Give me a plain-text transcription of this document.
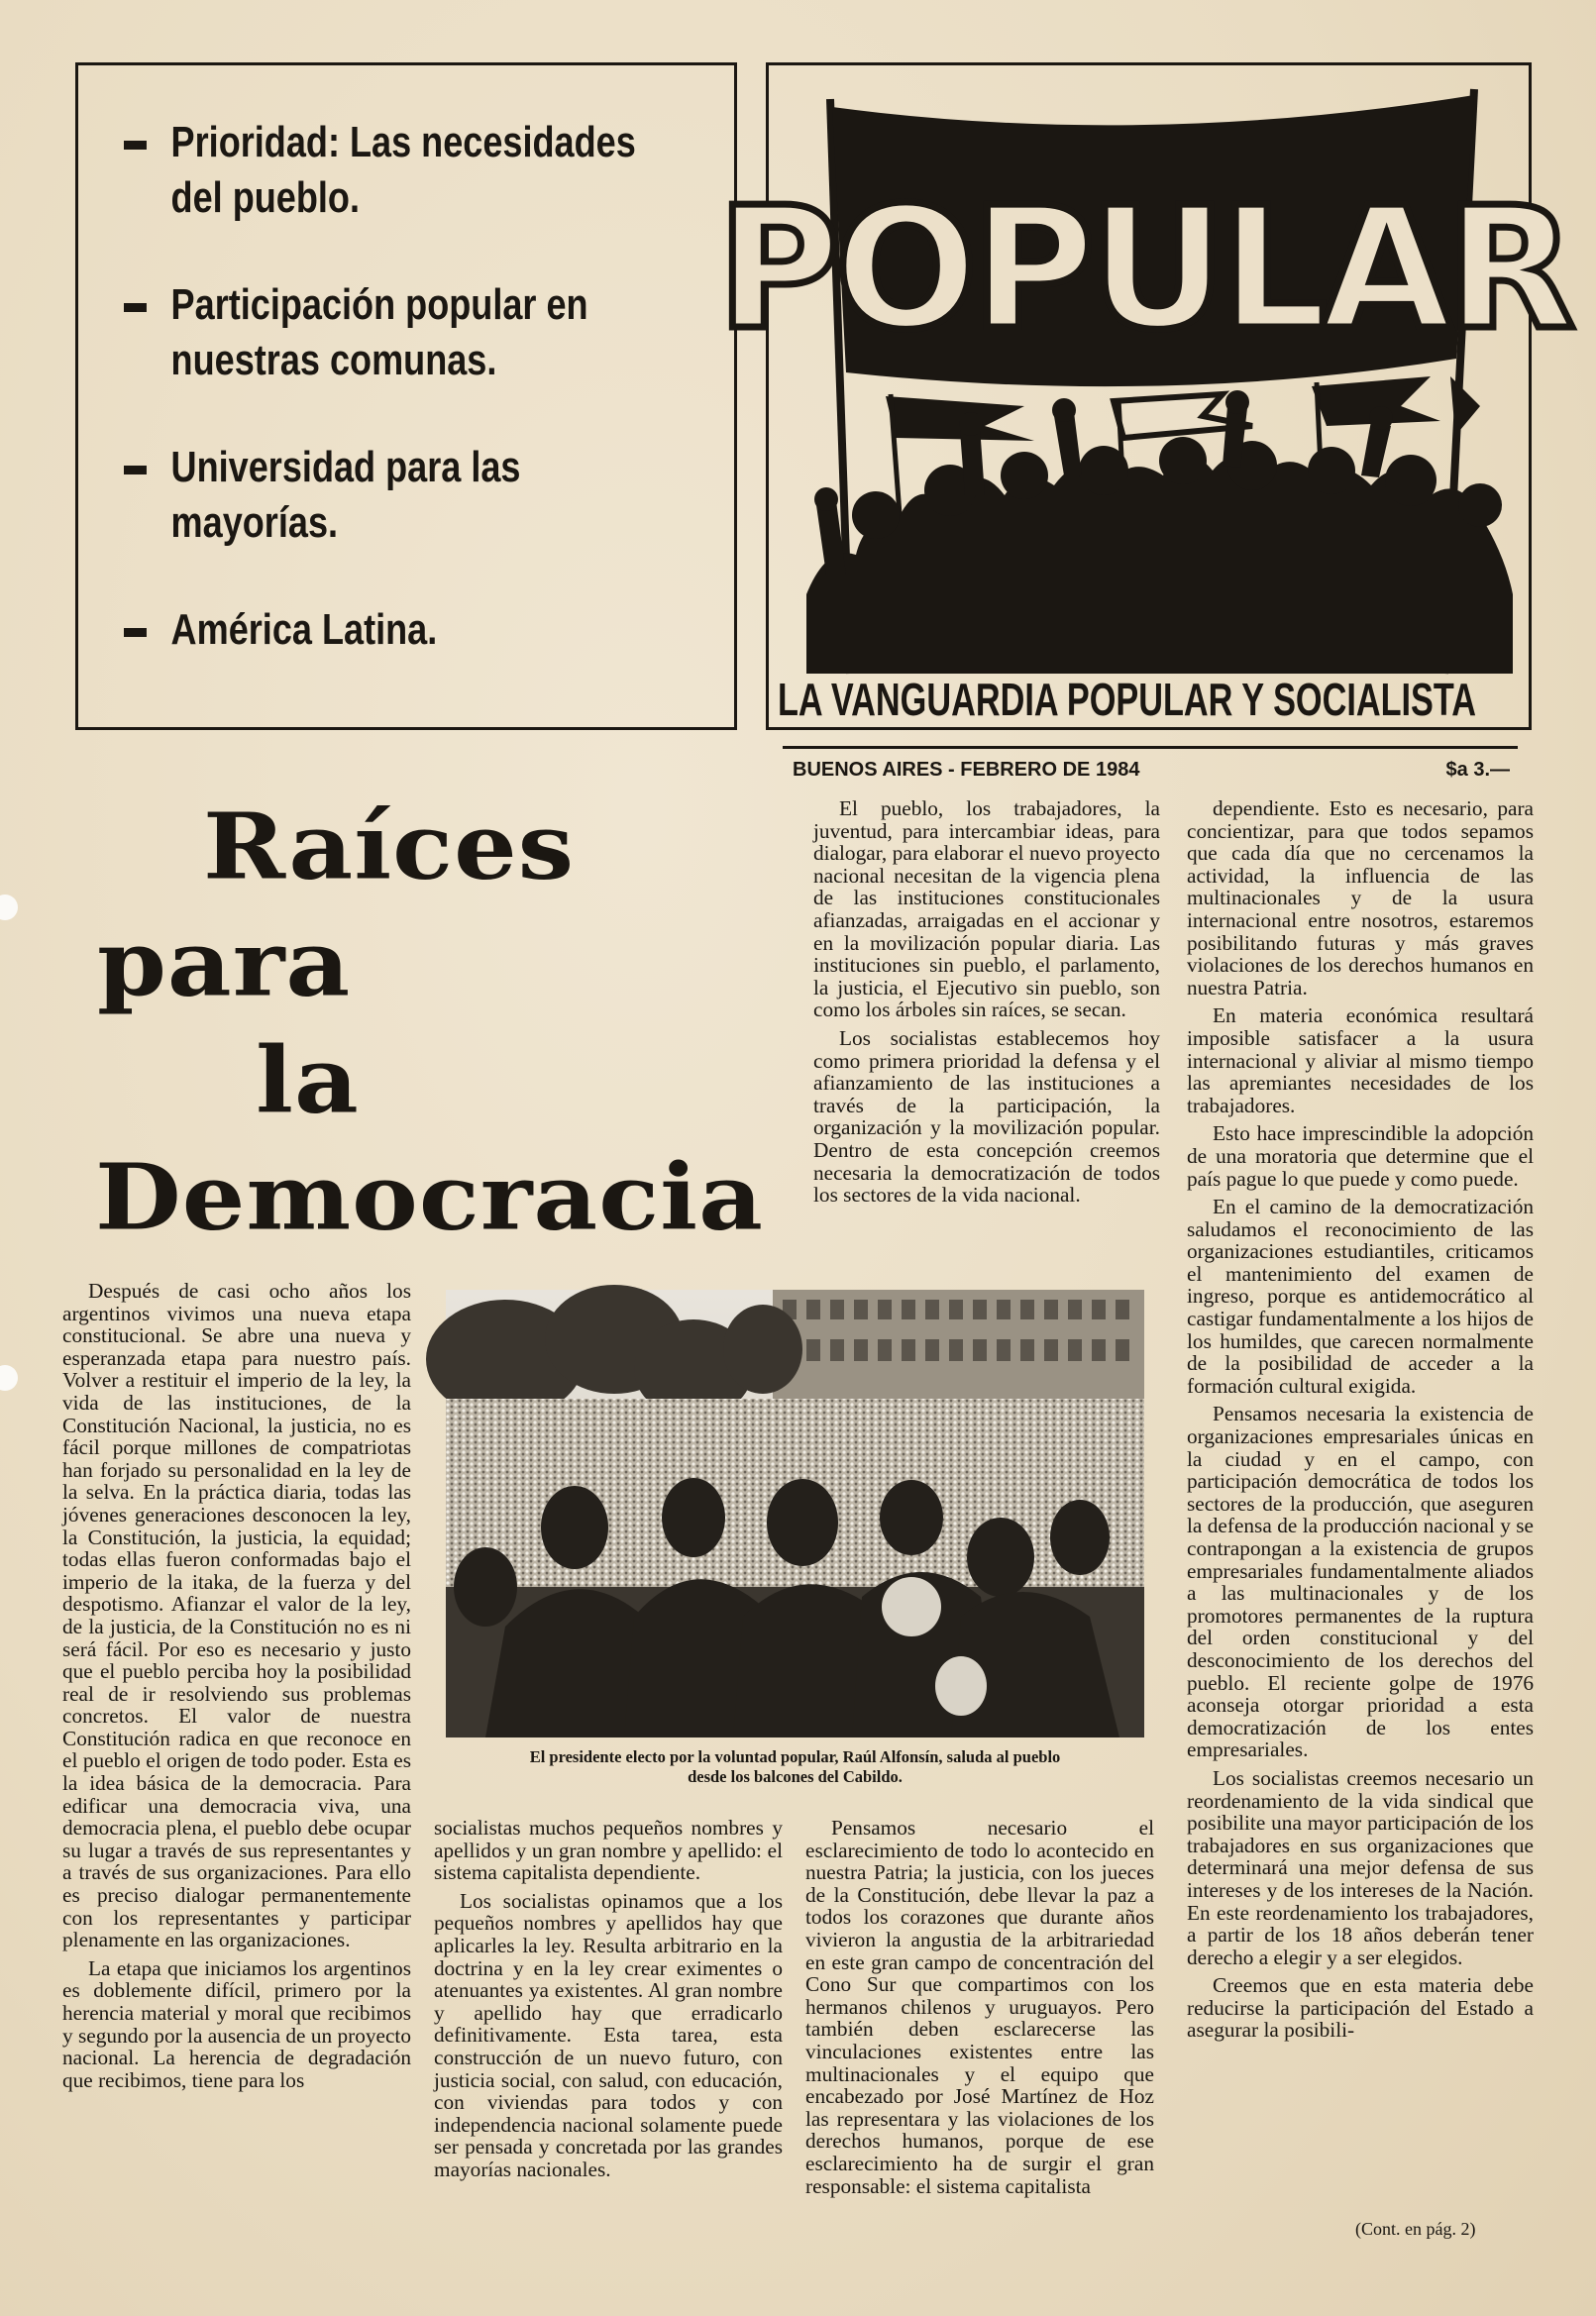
Prioridad: Las necesidades
del pueblo.
Participación popular en
nuestras comunas.
Universidad para las
mayorías.
América Latina.
POPULAR
LA VANGUARDIA POPULAR Y SOCIALISTA
BUENOS AIRES - FEBRERO DE 1984	$a 3.—
Raíces
para
la
Democracia

El pueblo, los trabajadores, la juventud, para intercambiar ideas, para dialogar, para elaborar el nuevo proyecto nacional necesitan de la vigencia plena de las instituciones constitucionales afianzadas, arraigadas en el accionar y en la movilización popular diaria. Las instituciones sin pueblo, el parlamento, la justicia, el Ejecutivo sin pueblo, son como los árboles sin raíces, se secan.

Los socialistas establecemos hoy como primera prioridad la defensa y el afianzamiento de las instituciones a través de la participación, la organización y la movilización popular. Dentro de esta concepción creemos necesaria la democratización de todos los sectores de la vida nacional.

dependiente. Esto es necesario, para concientizar, para que todos sepamos que cada día que no cercenamos la actividad, la influencia de las multinacionales y de la usura internacional entre nosotros, estaremos posibilitando futuras y más graves violaciones de los derechos humanos en nuestra Patria.

En materia económica resultará imposible satisfacer a la usura internacional y aliviar al mismo tiempo las apremiantes necesidades de los trabajadores.

Esto hace imprescindible la adopción de una moratoria que determine que el país pague lo que puede y como puede.

En el camino de la democratización saludamos el reconocimiento de las organizaciones estudiantiles, criticamos el mantenimiento del examen de ingreso, porque es antidemocrático al castigar fundamentalmente a los hijos de los humildes, que carecen normalmente de la posibilidad de acceder a la formación cultural exigida.

Pensamos necesaria la existencia de organizaciones empresariales únicas en la ciudad y en el campo, con participación democrática de todos los sectores de la producción, que aseguren la defensa de la producción nacional y se contrapongan a la existencia de grupos empresariales fundamentalmente aliados a las multinacionales y de los promotores permanentes de la ruptura del orden constitucional y del desconocimiento de los derechos del pueblo. El reciente golpe de 1976 aconseja otorgar prioridad a esta democratización de los entes empresariales.

Los socialistas creemos necesario un reordenamiento de la vida sindical que posibilite una mayor participación de los trabajadores en sus organizaciones que determinará una mejor defensa de sus intereses y de los intereses de la Nación. En este reordenamiento los trabajadores, a partir de los 18 años deberán tener derecho a elegir y a ser elegidos.

Creemos que en esta materia debe reducirse la participación del Estado a asegurar la posibili-

Después de casi ocho años los argentinos vivimos una nueva etapa constitucional. Se abre una nueva y esperanzada etapa para nuestro país. Volver a restituir el imperio de la ley, la vida de las instituciones, de la Constitución Nacional, la justicia, no es fácil porque millones de compatriotas han forjado su personalidad en la ley de la selva. En la práctica diaria, todas las jóvenes generaciones desconocen la ley, la Constitución, la justicia, la equidad; todas ellas fueron conformadas bajo el imperio de la itaka, de la fuerza y del despotismo. Afianzar el valor de la ley, de la justicia, de la Constitución no es ni será fácil. Por eso es necesario y justo que el pueblo perciba hoy la posibilidad real de ir resolviendo sus problemas concretos. El valor de nuestra Constitución radica en que reconoce en el pueblo el origen de todo poder. Esta es la idea básica de la democracia. Para edificar una democracia viva, una democracia plena, el pueblo debe ocupar su lugar a través de sus representantes y a través de sus organizaciones. Para ello es preciso dialogar permanentemente con los representantes y participar plenamente en las organizaciones.

La etapa que iniciamos los argentinos es doblemente difícil, primero por la herencia material y moral que recibimos y segundo por la ausencia de un proyecto nacional. La herencia de degradación que recibimos, tiene para los

socialistas muchos pequeños nombres y apellidos y un gran nombre y apellido: el sistema capitalista dependiente.

Los socialistas opinamos que a los pequeños nombres y apellidos hay que aplicarles la ley. Resulta arbitrario en la doctrina y en la ley crear eximentes o atenuantes ya existentes. Al gran nombre y apellido hay que erradicarlo definitivamente. Esta tarea, esta construcción de un nuevo futuro, con justicia social, con salud, con educación, con viviendas para todos y con independencia nacional solamente puede ser pensada y concretada por las grandes mayorías nacionales.

Pensamos necesario el esclarecimiento de todo lo acontecido en nuestra Patria; la justicia, con los jueces de la Constitución, debe llevar la paz a todos los corazones que durante años vivieron la angustia de la arbitrariedad en este gran campo de concentración del Cono Sur que compartimos con los hermanos chilenos y uruguayos. Pero también deben esclarecerse las vinculaciones existentes entre las multinacionales y el equipo que encabezado por José Martínez de Hoz las representara y las violaciones de los derechos humanos, porque de ese esclarecimiento ha de surgir el gran responsable: el sistema capitalista

El presidente electo por la voluntad popular, Raúl Alfonsín, saluda al pueblo
desde los balcones del Cabildo.
(Cont. en pág. 2)
